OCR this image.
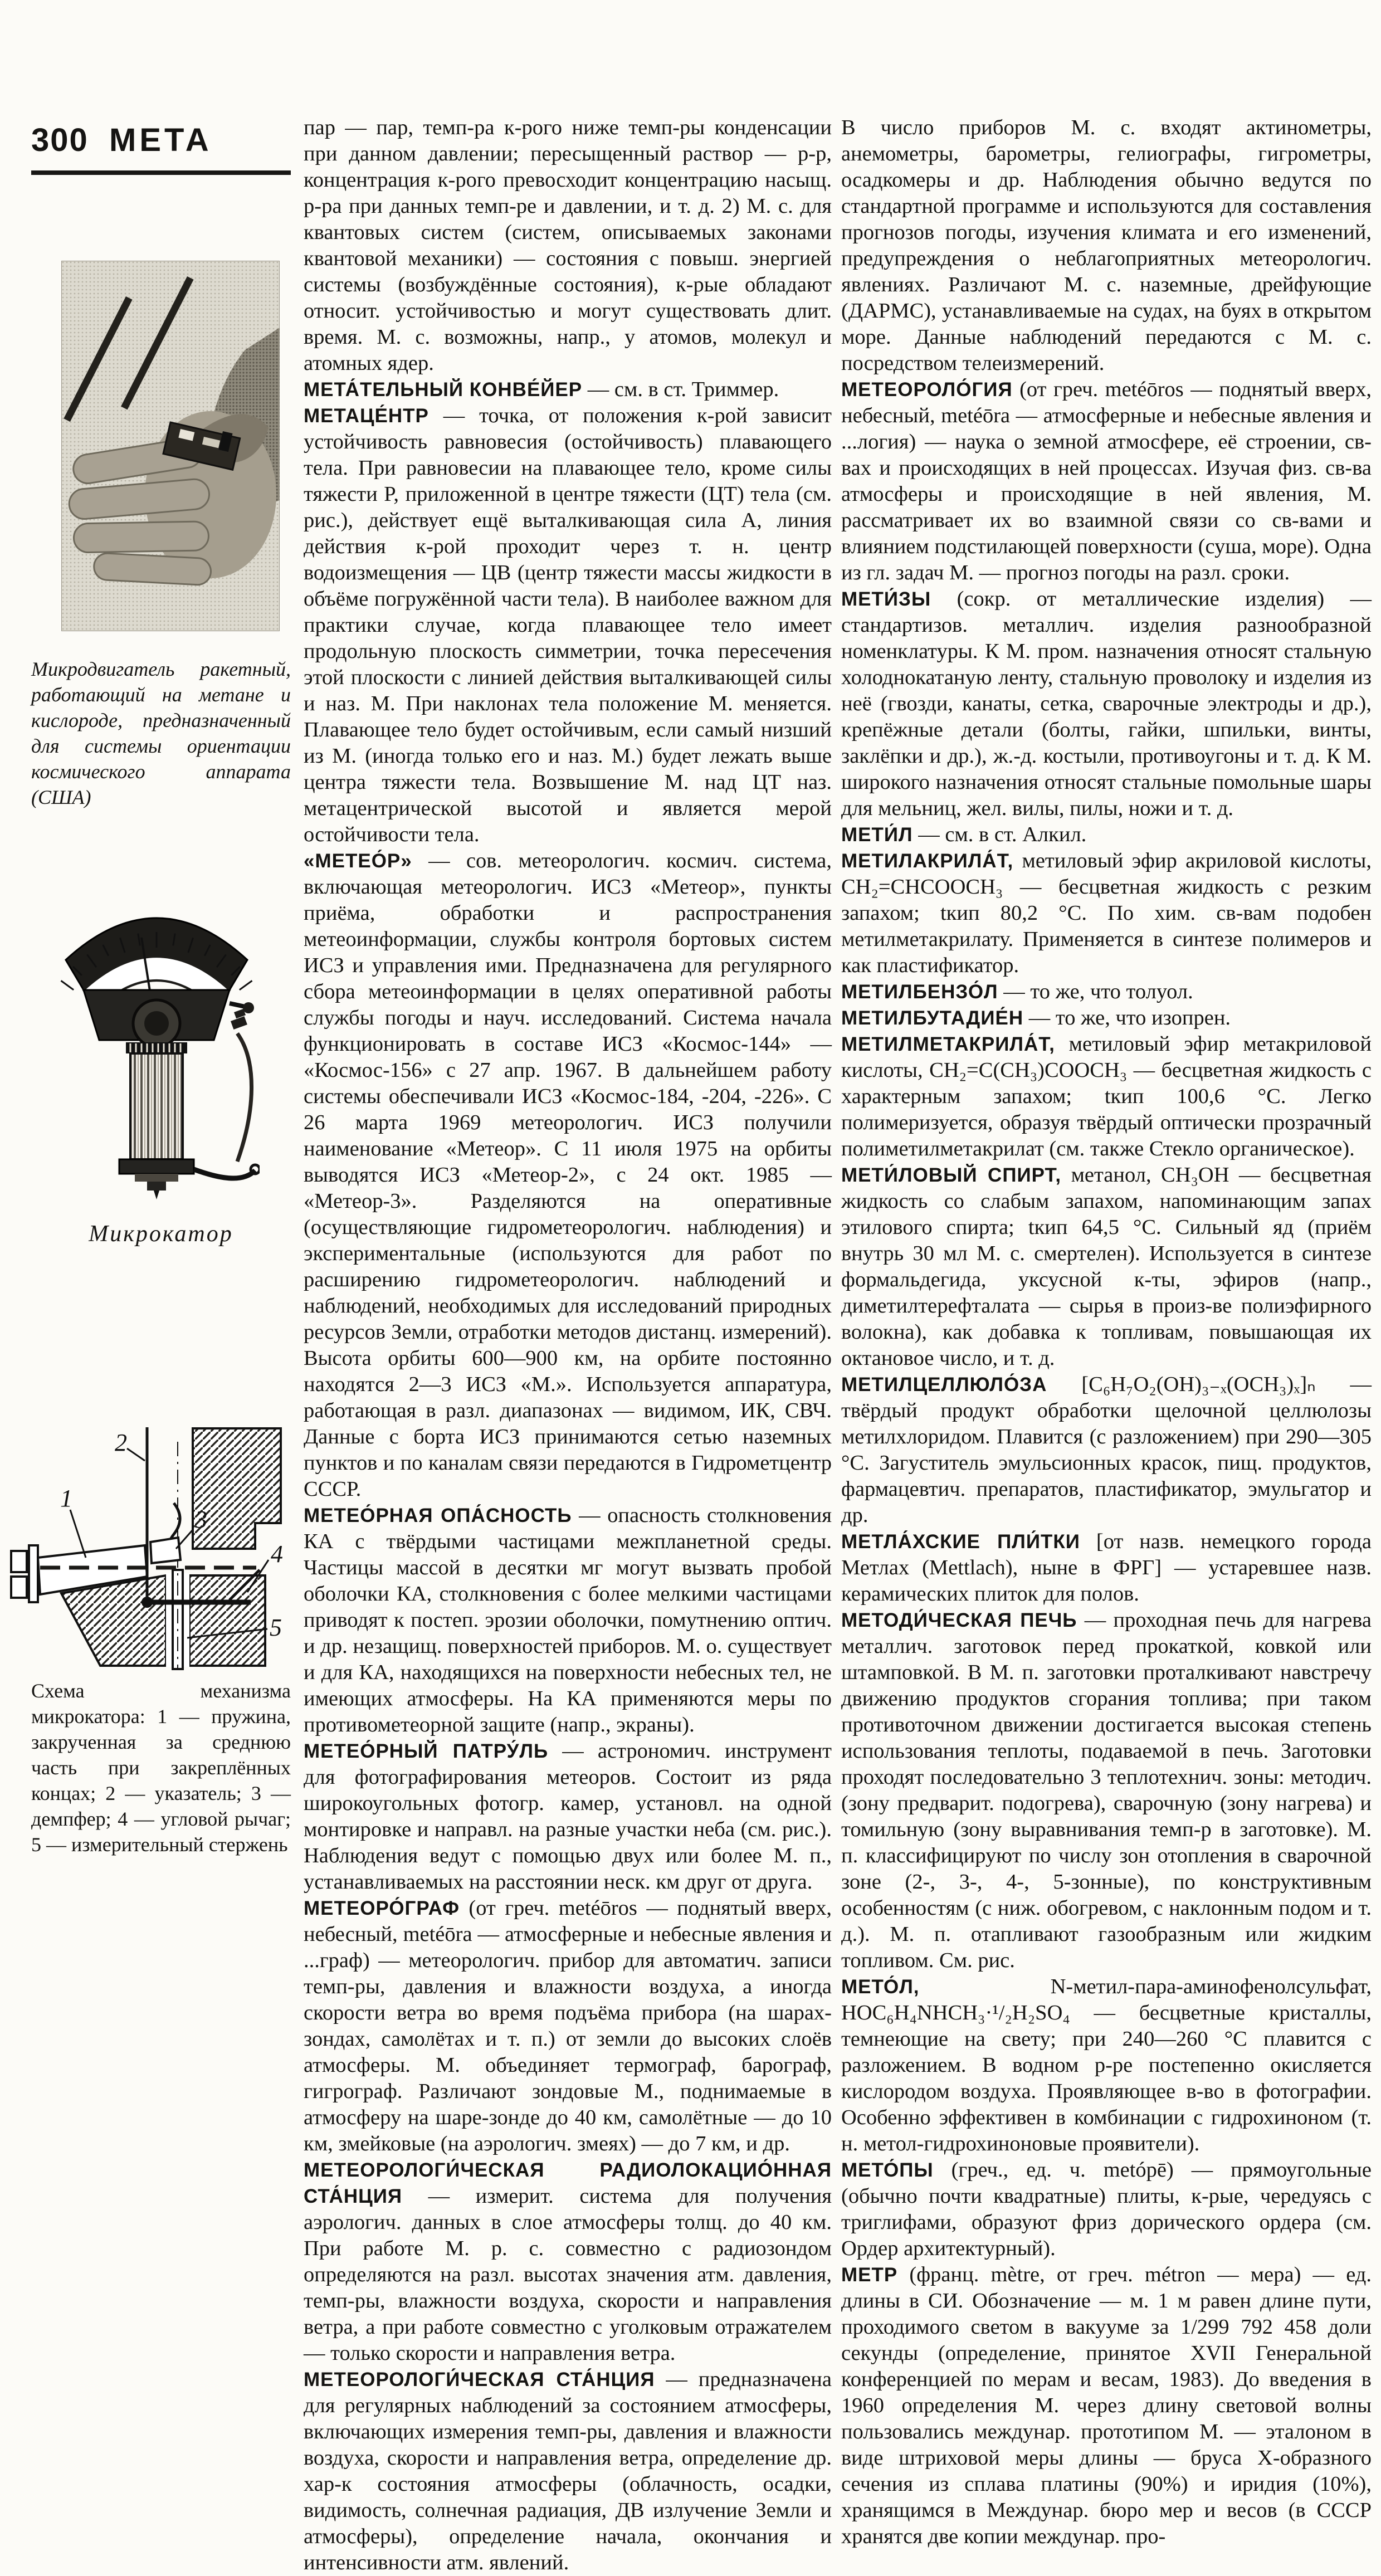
300 МЕТА
Микродвигатель ракетный, работающий на метане и кислороде, предназначенный для системы ориентации космического аппарата (США)
Микрокатор
1
2
3
4
5
Схема механизма микрокатора: 1 — пружина, закрученная за среднюю часть при закреплённых концах; 2 — указатель; 3 — демпфер; 4 — угловой рычаг; 5 — измерительный стержень

пар — пар, темп-ра к-рого ниже темп-ры конденсации при данном давлении; пересыщенный раствор — р-р, концентрация к-рого превосходит концентрацию насыщ. р-ра при данных темп-ре и давлении, и т. д. 2) М. с. для квантовых систем (систем, описываемых законами квантовой механики) — состояния с повыш. энергией системы (возбуждённые состояния), к-рые обладают относит. устойчивостью и могут существовать длит. время. М. с. возможны, напр., у атомов, молекул и атомных ядер.

МЕТА́ТЕЛЬНЫЙ КОНВЕ́ЙЕР — см. в ст. Триммер.

МЕТАЦЕ́НТР — точка, от положения к-рой зависит устойчивость равновесия (остойчивость) плавающего тела. При равновесии на плавающее тело, кроме силы тяжести P, приложенной в центре тяжести (ЦТ) тела (см. рис.), действует ещё выталкивающая сила A, линия действия к-рой проходит через т. н. центр водоизмещения — ЦВ (центр тяжести массы жидкости в объёме погружённой части тела). В наиболее важном для практики случае, когда плавающее тело имеет продольную плоскость симметрии, точка пересечения этой плоскости с линией действия выталкивающей силы и наз. М. При наклонах тела положение М. меняется. Плавающее тело будет остойчивым, если самый низший из М. (иногда только его и наз. М.) будет лежать выше центра тяжести тела. Возвышение М. над ЦТ наз. метацентрической высотой и является мерой остойчивости тела.

«МЕТЕО́Р» — сов. метеорологич. космич. система, включающая метеорологич. ИСЗ «Метеор», пункты приёма, обработки и распространения метеоинформации, службы контроля бортовых систем ИСЗ и управления ими. Предназначена для регулярного сбора метеоинформации в целях оперативной работы службы погоды и науч. исследований. Система начала функционировать в составе ИСЗ «Космос-144» — «Космос-156» с 27 апр. 1967. В дальнейшем работу системы обеспечивали ИСЗ «Космос-184, -204, -226». С 26 марта 1969 метеорологич. ИСЗ получили наименование «Метеор». С 11 июля 1975 на орбиты выводятся ИСЗ «Метеор-2», с 24 окт. 1985 — «Метеор-3». Разделяются на оперативные (осуществляющие гидрометеорологич. наблюдения) и экспериментальные (используются для работ по расширению гидрометеорологич. наблюдений и наблюдений, необходимых для исследований природных ресурсов Земли, отработки методов дистанц. измерений). Высота орбиты 600—900 км, на орбите постоянно находятся 2—3 ИСЗ «М.». Используется аппаратура, работающая в разл. диапазонах — видимом, ИК, СВЧ. Данные с борта ИСЗ принимаются сетью наземных пунктов и по каналам связи передаются в Гидрометцентр СССР.

МЕТЕО́РНАЯ ОПА́СНОСТЬ — опасность столкновения КА с твёрдыми частицами межпланетной среды. Частицы массой в десятки мг могут вызвать пробой оболочки КА, столкновения с более мелкими частицами приводят к постеп. эрозии оболочки, помутнению оптич. и др. незащищ. поверхностей приборов. М. о. существует и для КА, находящихся на поверхности небесных тел, не имеющих атмосферы. На КА применяются меры по противометеорной защите (напр., экраны).

МЕТЕО́РНЫЙ ПАТРУ́ЛЬ — астрономич. инструмент для фотографирования метеоров. Состоит из ряда широкоугольных фотогр. камер, установл. на одной монтировке и направл. на разные участки неба (см. рис.). Наблюдения ведут с помощью двух или более М. п., устанавливаемых на расстоянии неск. км друг от друга.

МЕТЕОРО́ГРАФ (от греч. metéōros — поднятый вверх, небесный, metéōra — атмосферные и небесные явления и ...граф) — метеорологич. прибор для автоматич. записи темп-ры, давления и влажности воздуха, а иногда скорости ветра во время подъёма прибора (на шарах-зондах, самолётах и т. п.) от земли до высоких слоёв атмосферы. М. объединяет термограф, барограф, гигрограф. Различают зондовые М., поднимаемые в атмосферу на шаре-зонде до 40 км, самолётные — до 10 км, змейковые (на аэрологич. змеях) — до 7 км, и др.

МЕТЕОРОЛОГИ́ЧЕСКАЯ РАДИОЛОКАЦИО́ННАЯ СТА́НЦИЯ — измерит. система для получения аэрологич. данных в слое атмосферы толщ. до 40 км. При работе М. р. с. совместно с радиозондом определяются на разл. высотах значения атм. давления, темп-ры, влажности воздуха, скорости и направления ветра, а при работе совместно с уголковым отражателем — только скорости и направления ветра.

МЕТЕОРОЛОГИ́ЧЕСКАЯ СТА́НЦИЯ — предназначена для регулярных наблюдений за состоянием атмосферы, включающих измерения темп-ры, давления и влажности воздуха, скорости и направления ветра, определение др. хар-к состояния атмосферы (облачность, осадки, видимость, солнечная радиация, ДВ излучение Земли и атмосферы), определение начала, окончания и интенсивности атм. явлений.

В число приборов М. с. входят актинометры, анемометры, барометры, гелиографы, гигрометры, осадкомеры и др. Наблюдения обычно ведутся по стандартной программе и используются для составления прогнозов погоды, изучения климата и его изменений, предупреждения о неблагоприятных метеорологич. явлениях. Различают М. с. наземные, дрейфующие (ДАРМС), устанавливаемые на судах, на буях в открытом море. Данные наблюдений передаются с М. с. посредством телеизмерений.

МЕТЕОРОЛО́ГИЯ (от греч. metéōros — поднятый вверх, небесный, metéōra — атмосферные и небесные явления и ...логия) — наука о земной атмосфере, её строении, св-вах и происходящих в ней процессах. Изучая физ. св-ва атмосферы и происходящие в ней явления, М. рассматривает их во взаимной связи со св-вами и влиянием подстилающей поверхности (суша, море). Одна из гл. задач М. — прогноз погоды на разл. сроки.

МЕТИ́ЗЫ (сокр. от металлические изделия) — стандартизов. металлич. изделия разнообразной номенклатуры. К М. пром. назначения относят стальную холоднокатаную ленту, стальную проволоку и изделия из неё (гвозди, канаты, сетка, сварочные электроды и др.), крепёжные детали (болты, гайки, шпильки, винты, заклёпки и др.), ж.-д. костыли, противоугоны и т. д. К М. широкого назначения относят стальные помольные шары для мельниц, жел. вилы, пилы, ножи и т. д.

МЕТИ́Л — см. в ст. Алкил.

МЕТИЛАКРИЛА́Т, метиловый эфир акриловой кислоты, CH₂=CHCOOCH₃ — бесцветная жидкость с резким запахом; tкип 80,2 °C. По хим. св-вам подобен метилметакрилату. Применяется в синтезе полимеров и как пластификатор.

МЕТИЛБЕНЗО́Л — то же, что толуол.

МЕТИЛБУТАДИЕ́Н — то же, что изопрен.

МЕТИЛМЕТАКРИЛА́Т, метиловый эфир метакриловой кислоты, CH₂=C(CH₃)COOCH₃ — бесцветная жидкость с характерным запахом; tкип 100,6 °C. Легко полимеризуется, образуя твёрдый оптически прозрачный полиметилметакрилат (см. также Стекло органическое).

МЕТИ́ЛОВЫЙ СПИРТ, метанол, CH₃OH — бесцветная жидкость со слабым запахом, напоминающим запах этилового спирта; tкип 64,5 °C. Сильный яд (приём внутрь 30 мл М. с. смертелен). Используется в синтезе формальдегида, уксусной к-ты, эфиров (напр., диметилтерефталата — сырья в произ-ве полиэфирного волокна), как добавка к топливам, повышающая их октановое число, и т. д.

МЕТИЛЦЕЛЛЮЛО́ЗА [C₆H₇O₂(OH)₃₋ₓ(OCH₃)ₓ]ₙ — твёрдый продукт обработки щелочной целлюлозы метилхлоридом. Плавится (с разложением) при 290—305 °C. Загуститель эмульсионных красок, пищ. продуктов, фармацевтич. препаратов, пластификатор, эмульгатор и др.

МЕТЛА́ХСКИЕ ПЛИ́ТКИ [от назв. немецкого города Метлах (Mettlach), ныне в ФРГ] — устаревшее назв. керамических плиток для полов.

МЕТОДИ́ЧЕСКАЯ ПЕЧЬ — проходная печь для нагрева металлич. заготовок перед прокаткой, ковкой или штамповкой. В М. п. заготовки проталкивают навстречу движению продуктов сгорания топлива; при таком противоточном движении достигается высокая степень использования теплоты, подаваемой в печь. Заготовки проходят последовательно 3 теплотехнич. зоны: методич. (зону предварит. подогрева), сварочную (зону нагрева) и томильную (зону выравнивания темп-р в заготовке). М. п. классифицируют по числу зон отопления в сварочной зоне (2-, 3-, 4-, 5-зонные), по конструктивным особенностям (с ниж. обогревом, с наклонным подом и т. д.). М. п. отапливают газообразным или жидким топливом. См. рис.

МЕТО́Л,	N-метил-пара-аминофенолсульфат, HOC₆H₄NHCH₃·¹/₂H₂SO₄ — бесцветные кристаллы, темнеющие на свету; при 240—260 °C плавится с разложением. В водном р-ре постепенно окисляется кислородом воздуха. Проявляющее в-во в фотографии. Особенно эффективен в комбинации с гидрохиноном (т. н. метол-гидрохиноновые проявители).

МЕТО́ПЫ (греч., ед. ч. metópē) — прямоугольные (обычно почти квадратные) плиты, к-рые, чередуясь с триглифами, образуют фриз дорического ордера (см. Ордер архитектурный).

МЕТР (франц. mètre, от греч. métron — мера) — ед. длины в СИ. Обозначение — м. 1 м равен длине пути, проходимого светом в вакууме за 1/299 792 458 доли секунды (определение, принятое XVII Генеральной конференцией по мерам и весам, 1983). До введения в 1960 определения М. через длину световой волны пользовались междунар. прототипом М. — эталоном в виде штриховой меры длины — бруса X-образного сечения из сплава платины (90%) и иридия (10%), хранящимся в Междунар. бюро мер и весов (в СССР хранятся две копии междунар. про-
